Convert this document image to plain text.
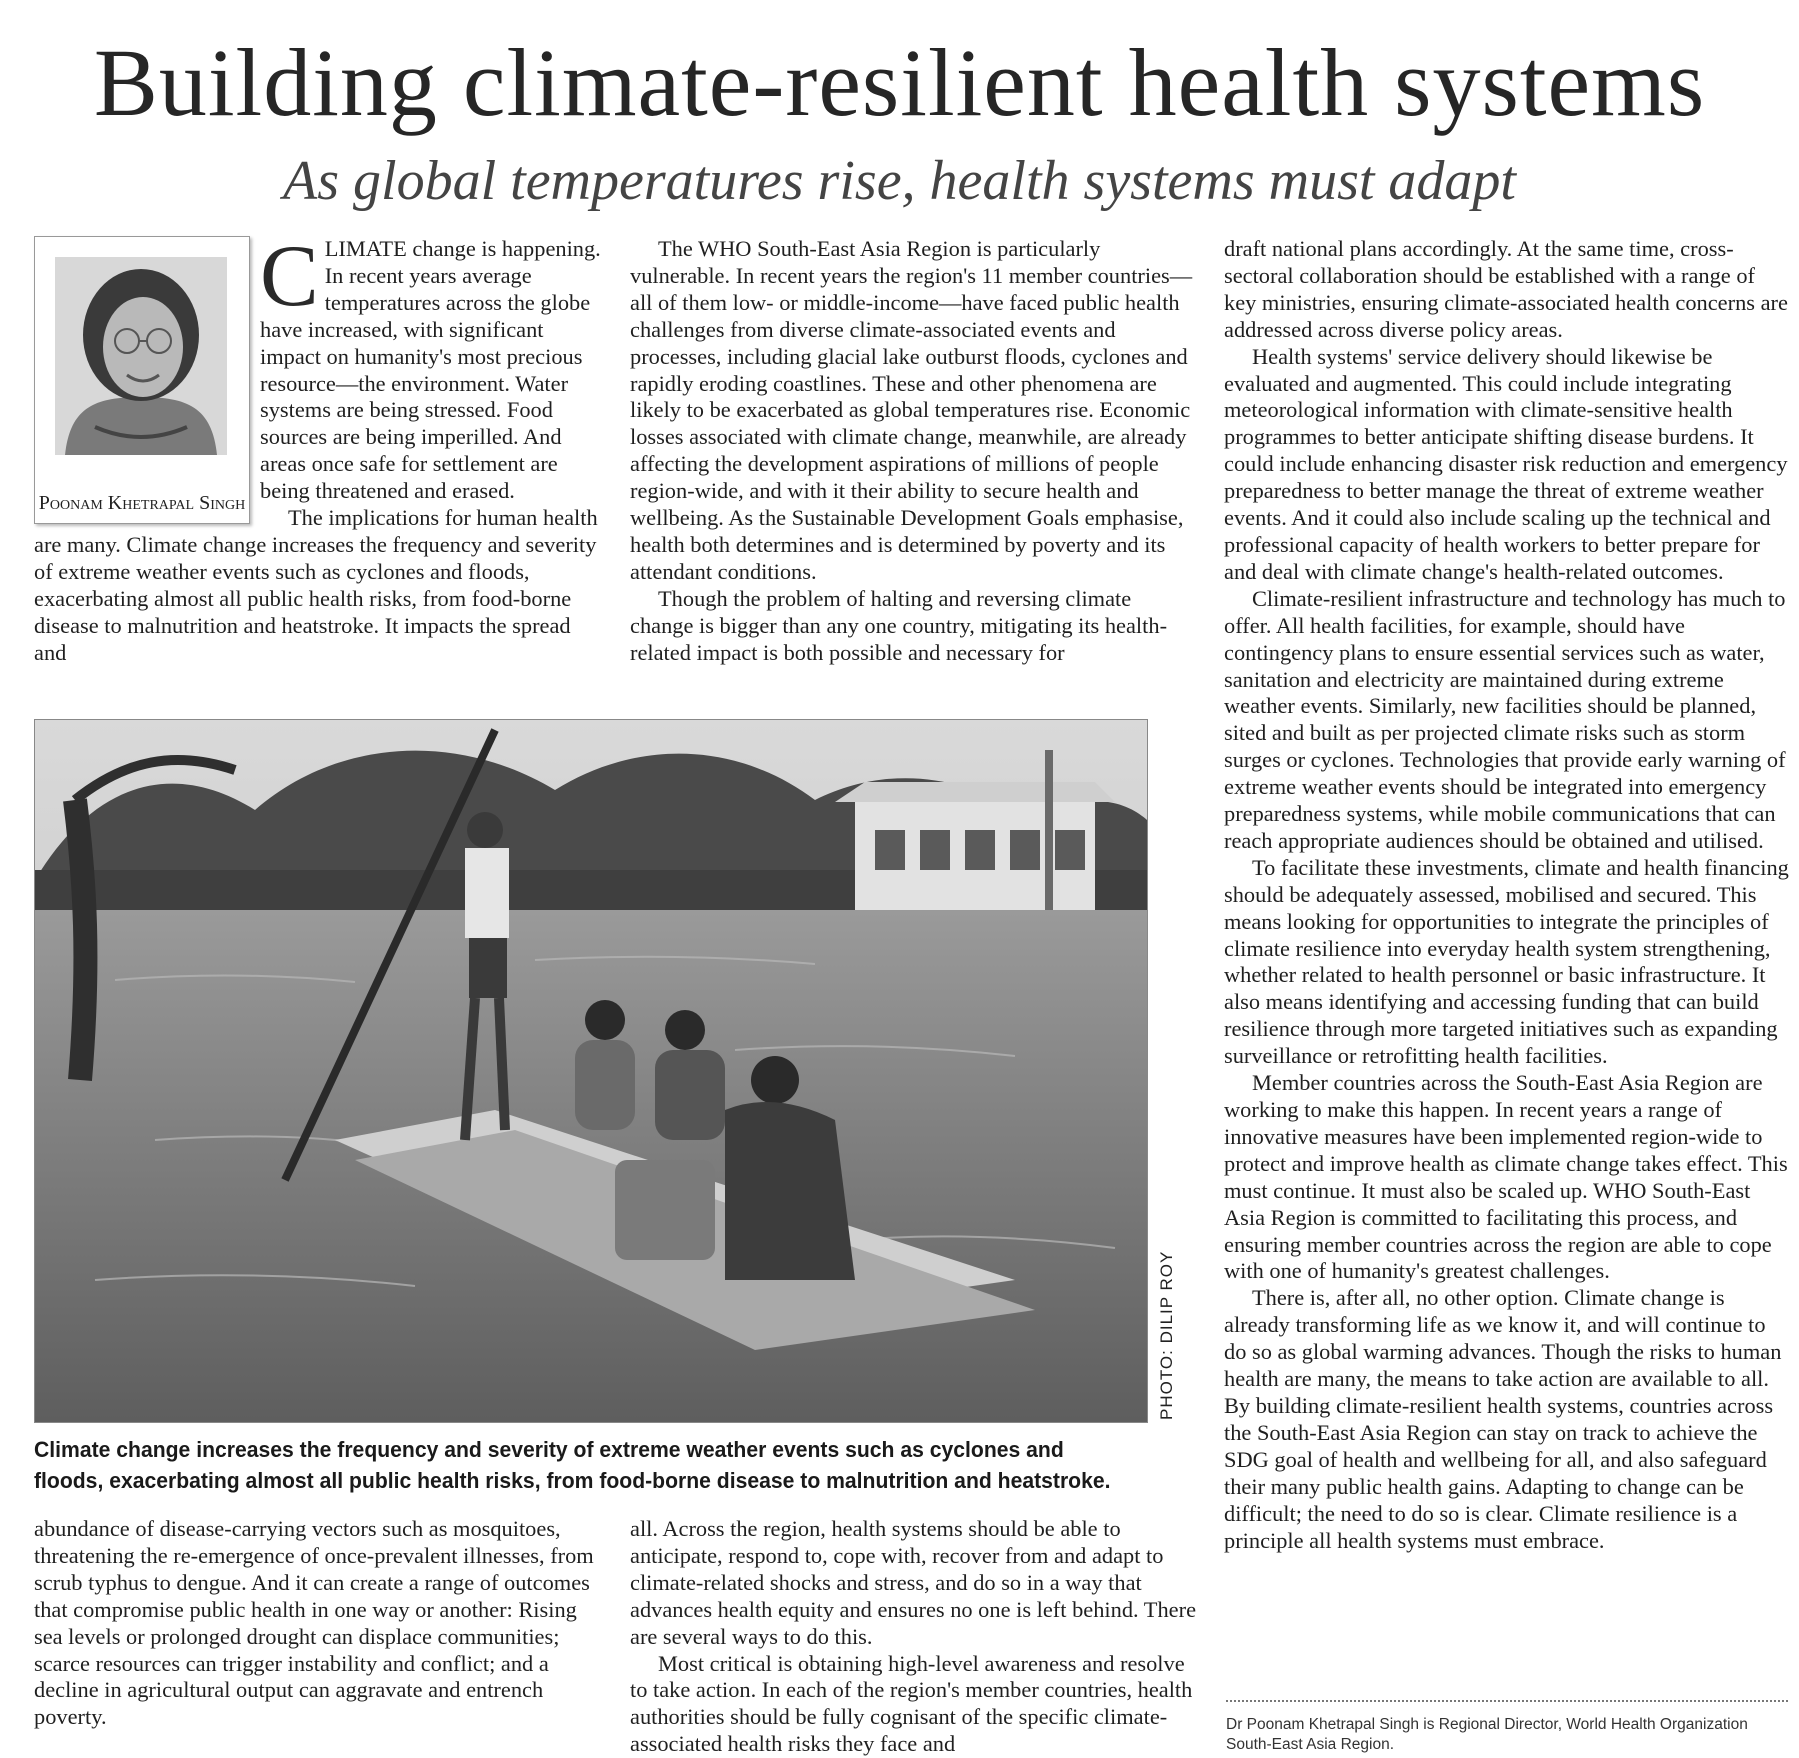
Building climate-resilient health systems
As global temperatures rise, health systems must adapt
Poonam Khetrapal Singh

CLIMATE change is happening. In recent years average temperatures across the globe have increased, with significant impact on humanity's most precious resource—the environment. Water systems are being stressed. Food sources are being imperilled. And areas once safe for settlement are being threatened and erased.

The implications for human health are many. Climate change increases the frequency and severity of extreme weather events such as cyclones and floods, exacerbating almost all public health risks, from food-borne disease to malnutrition and heatstroke. It impacts the spread and

The WHO South-East Asia Region is particularly vulnerable. In recent years the region's 11 member countries—all of them low- or middle-income—have faced public health challenges from diverse climate-associated events and processes, including glacial lake outburst floods, cyclones and rapidly eroding coastlines. These and other phenomena are likely to be exacerbated as global temperatures rise. Economic losses associated with climate change, meanwhile, are already affecting the development aspirations of millions of people region-wide, and with it their ability to secure health and wellbeing. As the Sustainable Development Goals emphasise, health both determines and is determined by poverty and its attendant conditions.

Though the problem of halting and reversing climate change is bigger than any one country, mitigating its health-related impact is both possible and necessary for

PHOTO: DILIP ROY
Climate change increases the frequency and severity of extreme weather events such as cyclones and floods, exacerbating almost all public health risks, from food-borne disease to malnutrition and heatstroke.

abundance of disease-carrying vectors such as mosquitoes, threatening the re-emergence of once-prevalent illnesses, from scrub typhus to dengue. And it can create a range of outcomes that compromise public health in one way or another: Rising sea levels or prolonged drought can displace communities; scarce resources can trigger instability and conflict; and a decline in agricultural output can aggravate and entrench poverty.

all. Across the region, health systems should be able to anticipate, respond to, cope with, recover from and adapt to climate-related shocks and stress, and do so in a way that advances health equity and ensures no one is left behind. There are several ways to do this.

Most critical is obtaining high-level awareness and resolve to take action. In each of the region's member countries, health authorities should be fully cognisant of the specific climate-associated health risks they face and

draft national plans accordingly. At the same time, cross-sectoral collaboration should be established with a range of key ministries, ensuring climate-associated health concerns are addressed across diverse policy areas.

Health systems' service delivery should likewise be evaluated and augmented. This could include integrating meteorological information with climate-sensitive health programmes to better anticipate shifting disease burdens. It could include enhancing disaster risk reduction and emergency preparedness to better manage the threat of extreme weather events. And it could also include scaling up the technical and professional capacity of health workers to better prepare for and deal with climate change's health-related outcomes.

Climate-resilient infrastructure and technology has much to offer. All health facilities, for example, should have contingency plans to ensure essential services such as water, sanitation and electricity are maintained during extreme weather events. Similarly, new facilities should be planned, sited and built as per projected climate risks such as storm surges or cyclones. Technologies that provide early warning of extreme weather events should be integrated into emergency preparedness systems, while mobile communications that can reach appropriate audiences should be obtained and utilised.

To facilitate these investments, climate and health financing should be adequately assessed, mobilised and secured. This means looking for opportunities to integrate the principles of climate resilience into everyday health system strengthening, whether related to health personnel or basic infrastructure. It also means identifying and accessing funding that can build resilience through more targeted initiatives such as expanding surveillance or retrofitting health facilities.

Member countries across the South-East Asia Region are working to make this happen. In recent years a range of innovative measures have been implemented region-wide to protect and improve health as climate change takes effect. This must continue. It must also be scaled up. WHO South-East Asia Region is committed to facilitating this process, and ensuring member countries across the region are able to cope with one of humanity's greatest challenges.

There is, after all, no other option. Climate change is already transforming life as we know it, and will continue to do so as global warming advances. Though the risks to human health are many, the means to take action are available to all. By building climate-resilient health systems, countries across the South-East Asia Region can stay on track to achieve the SDG goal of health and wellbeing for all, and also safeguard their many public health gains. Adapting to change can be difficult; the need to do so is clear. Climate resilience is a principle all health systems must embrace.

Dr Poonam Khetrapal Singh is Regional Director, World Health Organization South-East Asia Region.
